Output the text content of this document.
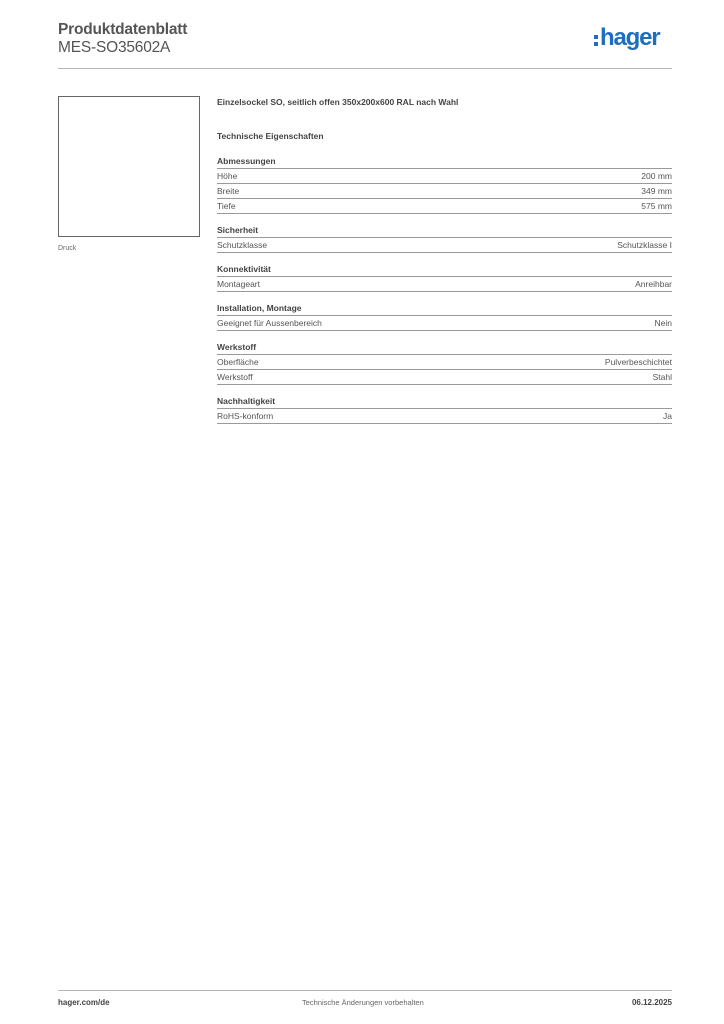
Produktdatenblatt
MES-SO35602A	hager
Druck
Einzelsockel SO, seitlich offen 350x200x600 RAL nach Wahl
Technische Eigenschaften
Abmessungen
Höhe	200 mm
Breite	349 mm
Tiefe	575 mm
Sicherheit
Schutzklasse	Schutzklasse I
Konnektivität
Montageart	Anreihbar
Installation, Montage
Geeignet für Aussenbereich	Nein
Werkstoff
Oberfläche	Pulverbeschichtet
Werkstoff	Stahl
Nachhaltigkeit
RoHS-konform	Ja
hager.com/de	Technische Änderungen vorbehalten	06.12.2025
